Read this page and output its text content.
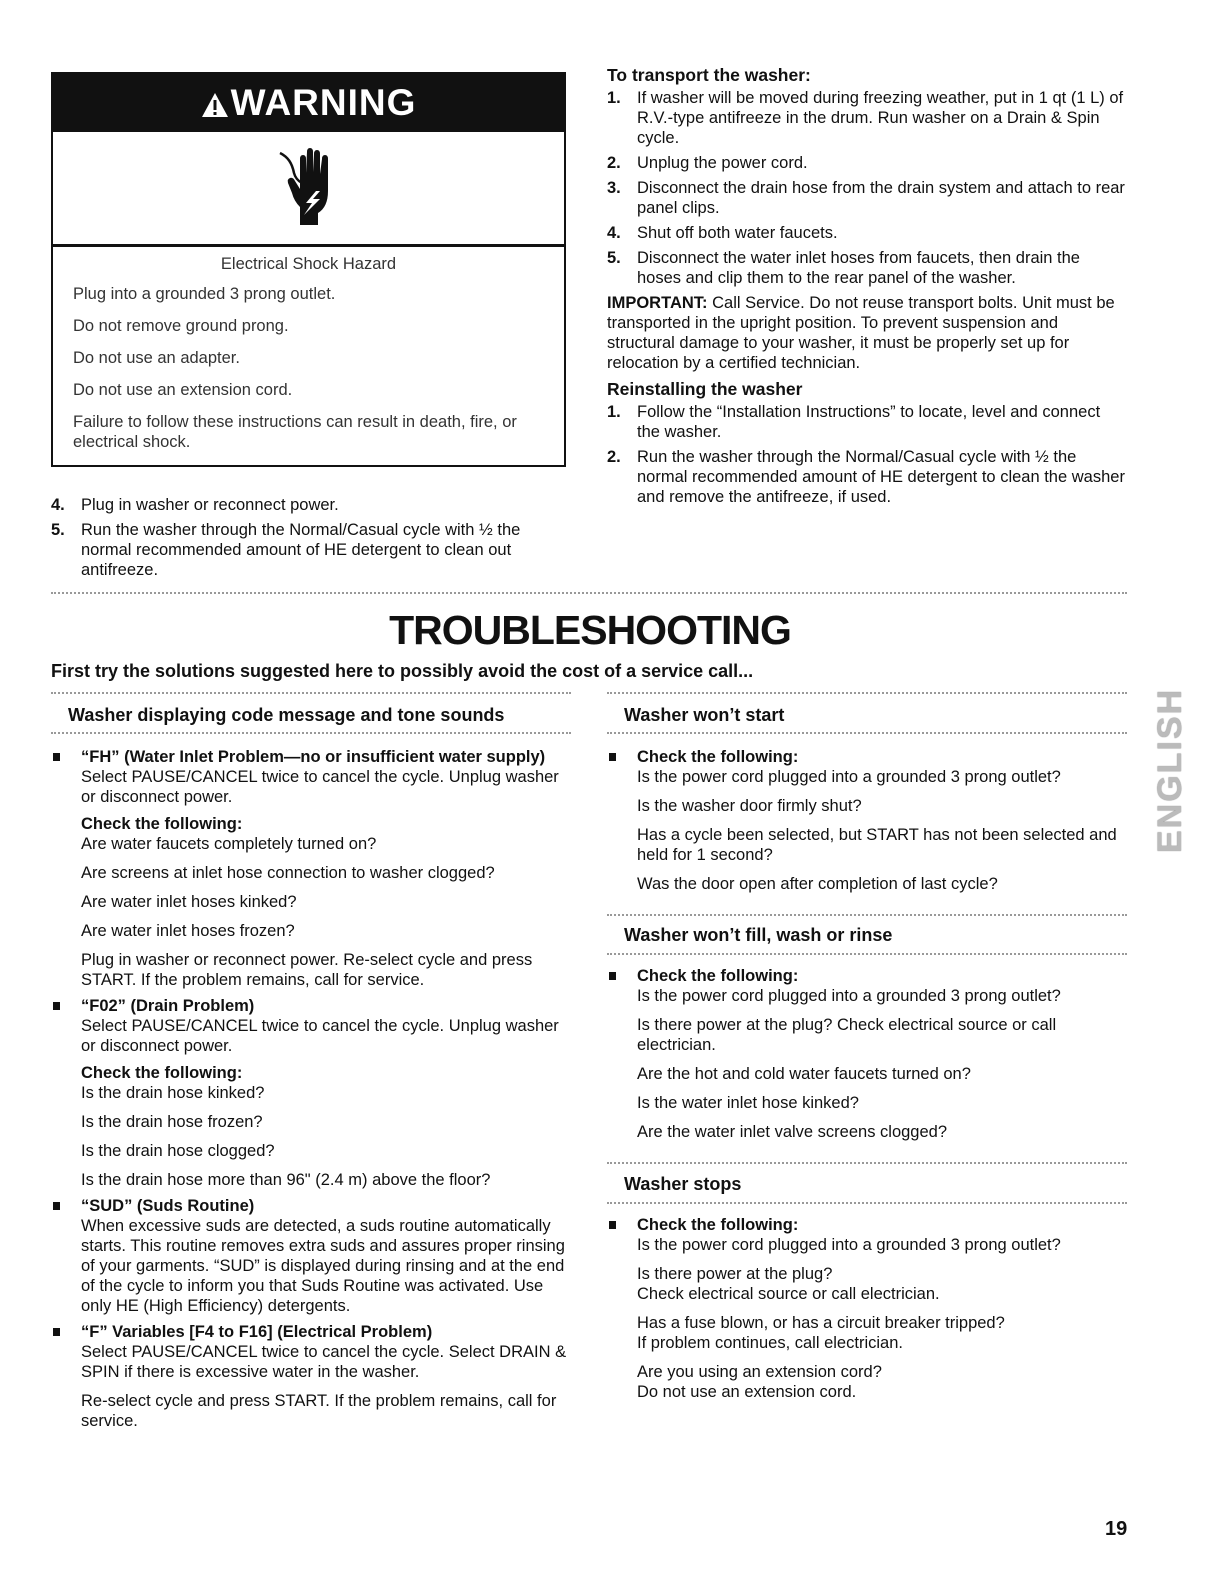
WARNING

Electrical Shock Hazard

Plug into a grounded 3 prong outlet.

Do not remove ground prong.

Do not use an adapter.

Do not use an extension cord.

Failure to follow these instructions can result in death, fire, or electrical shock.

4. Plug in washer or reconnect power.
5. Run the washer through the Normal/Casual cycle with ½ the normal recommended amount of HE detergent to clean out antifreeze.

To transport the washer:

1. If washer will be moved during freezing weather, put in 1 qt (1 L) of R.V.-type antifreeze in the drum. Run washer on a Drain & Spin cycle.
2. Unplug the power cord.
3. Disconnect the drain hose from the drain system and attach to rear panel clips.
4. Shut off both water faucets.
5. Disconnect the water inlet hoses from faucets, then drain the hoses and clip them to the rear panel of the washer.

IMPORTANT: Call Service. Do not reuse transport bolts. Unit must be transported in the upright position. To prevent suspension and structural damage to your washer, it must be properly set up for relocation by a certified technician.

Reinstalling the washer

1. Follow the “Installation Instructions” to locate, level and connect the washer.
2. Run the washer through the Normal/Casual cycle with ½ the normal recommended amount of HE detergent to clean the washer and remove the antifreeze, if used.
TROUBLESHOOTING
First try the solutions suggested here to possibly avoid the cost of a service call...
ENGLISH
Washer displaying code message and tone sounds

“FH” (Water Inlet Problem—no or insufficient water supply)

Select PAUSE/CANCEL twice to cancel the cycle. Unplug washer or disconnect power.

Check the following:

Are water faucets completely turned on?

Are screens at inlet hose connection to washer clogged?

Are water inlet hoses kinked?

Are water inlet hoses frozen?

Plug in washer or reconnect power. Re-select cycle and press START. If the problem remains, call for service.

“F02” (Drain Problem)

Select PAUSE/CANCEL twice to cancel the cycle. Unplug washer or disconnect power.

Check the following:

Is the drain hose kinked?

Is the drain hose frozen?

Is the drain hose clogged?

Is the drain hose more than 96" (2.4 m) above the floor?

“SUD” (Suds Routine)

When excessive suds are detected, a suds routine automatically starts. This routine removes extra suds and assures proper rinsing of your garments. “SUD” is displayed during rinsing and at the end of the cycle to inform you that Suds Routine was activated. Use only HE (High Efficiency) detergents.

“F” Variables [F4 to F16] (Electrical Problem)

Select PAUSE/CANCEL twice to cancel the cycle. Select DRAIN & SPIN if there is excessive water in the washer.

Re-select cycle and press START. If the problem remains, call for service.

Washer won’t start

Check the following:

Is the power cord plugged into a grounded 3 prong outlet?

Is the washer door firmly shut?

Has a cycle been selected, but START has not been selected and held for 1 second?

Was the door open after completion of last cycle?

Washer won’t fill, wash or rinse

Check the following:

Is the power cord plugged into a grounded 3 prong outlet?

Is there power at the plug? Check electrical source or call electrician.

Are the hot and cold water faucets turned on?

Is the water inlet hose kinked?

Are the water inlet valve screens clogged?

Washer stops

Check the following:

Is the power cord plugged into a grounded 3 prong outlet?

Is there power at the plug?

Check electrical source or call electrician.

Has a fuse blown, or has a circuit breaker tripped?

If problem continues, call electrician.

Are you using an extension cord?

Do not use an extension cord.

19
